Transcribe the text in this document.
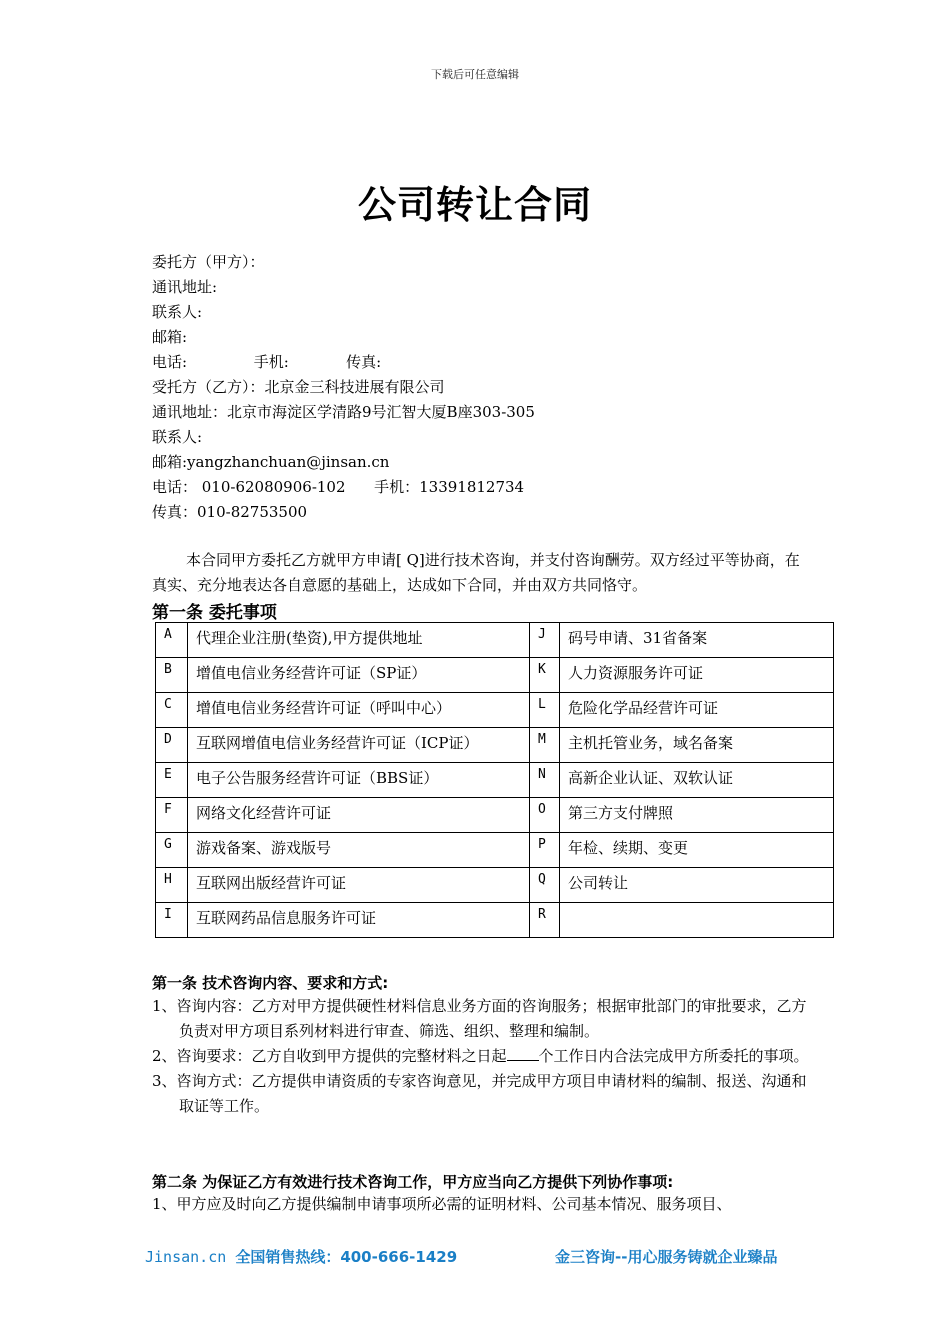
下载后可任意编辑
公司转让合同
委托方（甲方）：
通讯地址:
联系人:
邮箱:
电话:              手机:            传真:
受托方（乙方）：北京金三科技进展有限公司
通讯地址：北京市海淀区学清路9号汇智大厦B座303-305
联系人:
邮箱:yangzhanchuan@jinsan.cn
电话： 010-62080906-102      手机：13391812734
传真：010-82753500
本合同甲方委托乙方就甲方申请[ Q]进行技术咨询，并支付咨询酬劳。双方经过平等协商，在真实、充分地表达各自意愿的基础上，达成如下合同，并由双方共同恪守。
第一条 委托事项
A	代理企业注册(垫资),甲方提供地址	J	码号申请、31省备案
B	增值电信业务经营许可证（SP证）	K	人力资源服务许可证
C	增值电信业务经营许可证（呼叫中心）	L	危险化学品经营许可证
D	互联网增值电信业务经营许可证（ICP证）	M	主机托管业务，域名备案
E	电子公告服务经营许可证（BBS证）	N	高新企业认证、双软认证
F	网络文化经营许可证	O	第三方支付牌照
G	游戏备案、游戏版号	P	年检、续期、变更
H	互联网出版经营许可证	Q	公司转让
I	互联网药品信息服务许可证	R	
第一条 技术咨询内容、要求和方式:
1、咨询内容：乙方对甲方提供硬性材料信息业务方面的咨询服务；根据审批部门的审批要求，乙方负责对甲方项目系列材料进行审查、筛选、组织、整理和编制。
2、咨询要求：乙方自收到甲方提供的完整材料之日起 个工作日内合法完成甲方所委托的事项。
3、咨询方式：乙方提供申请资质的专家咨询意见，并完成甲方项目申请材料的编制、报送、沟通和取证等工作。
第二条 为保证乙方有效进行技术咨询工作，甲方应当向乙方提供下列协作事项:
1、甲方应及时向乙方提供编制申请事项所必需的证明材料、公司基本情况、服务项目、
Jinsan.cn 全国销售热线：400-666-1429	金三咨询--用心服务铸就企业臻品
